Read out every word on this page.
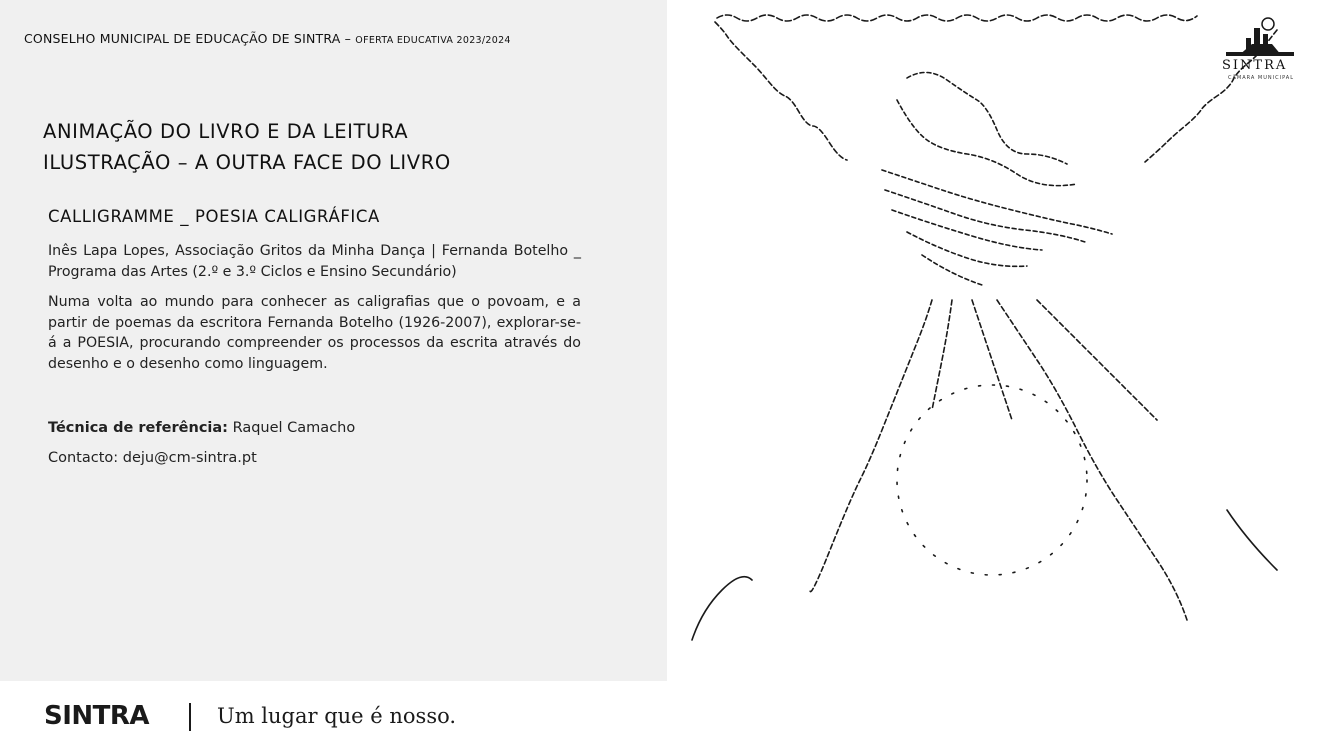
CONSELHO MUNICIPAL DE EDUCAÇÃO DE SINTRA – OFERTA EDUCATIVA 2023/2024
ANIMAÇÃO DO LIVRO E DA LEITURA
ILUSTRAÇÃO – A OUTRA FACE DO LIVRO
CALLIGRAMME _ POESIA CALIGRÁFICA
Inês Lapa Lopes, Associação Gritos da Minha Dança | Fernanda Botelho _ Programa das Artes (2.º e 3.º Ciclos e Ensino Secundário)
Numa volta ao mundo para conhecer as caligrafias que o povoam, e a partir de poemas da escritora Fernanda Botelho (1926-2007), explorar-se-á a POESIA, procurando compreender os processos da escrita através do desenho e o desenho como linguagem.
Técnica de referência: Raquel Camacho
Contacto: deju@cm-sintra.pt
SINTRA	Um lugar que é nosso.
SINTRA
CÂMARA MUNICIPAL
